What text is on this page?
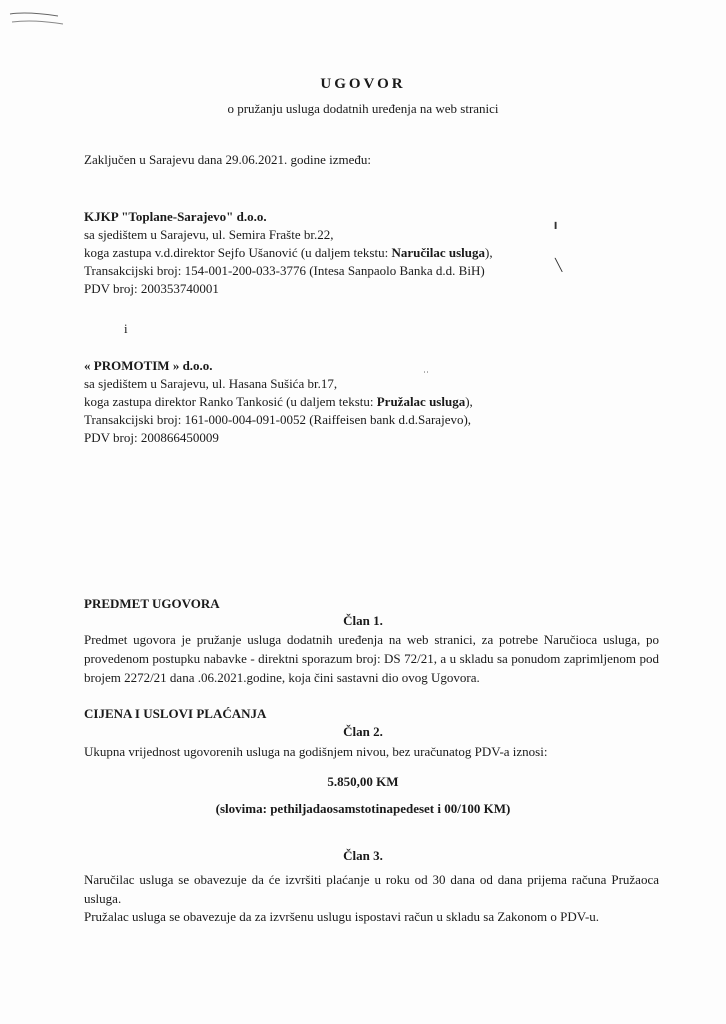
UGOVOR
o pružanju usluga dodatnih uređenja na web stranici
Zaključen u Sarajevu dana 29.06.2021. godine između:
KJKP "Toplane-Sarajevo" d.o.o.
sa sjedištem u Sarajevu, ul. Semira Frašte br.22,
koga zastupa v.d.direktor Sejfo Ušanović (u daljem tekstu: Naručilac usluga),
Transakcijski broj: 154-001-200-033-3776 (Intesa Sanpaolo Banka d.d. BiH)
PDV broj: 200353740001
i
« PROMOTIM » d.o.o.
sa sjedištem u Sarajevu, ul. Hasana Sušića br.17,
koga zastupa direktor Ranko Tankosić (u daljem tekstu: Pružalac usluga),
Transakcijski broj: 161-000-004-091-0052 (Raiffeisen bank d.d.Sarajevo),
PDV broj: 200866450009
PREDMET UGOVORA
Član 1.
Predmet ugovora je pružanje usluga dodatnih uređenja na web stranici, za potrebe Naručioca usluga, po provedenom postupku nabavke - direktni sporazum broj: DS 72/21, a u skladu sa ponudom zaprimljenom pod brojem 2272/21 dana .06.2021.godine, koja čini sastavni dio ovog Ugovora.
CIJENA I USLOVI PLAĆANJA
Član 2.
Ukupna vrijednost ugovorenih usluga na godišnjem nivou, bez uračunatog PDV-a iznosi:
5.850,00 KM
(slovima: pethiljadaosamstotinapedeset i 00/100 KM)
Član 3.
Naručilac usluga se obavezuje da će izvršiti plaćanje u roku od 30 dana od dana prijema računa Pružaoca usluga.
Pružalac usluga se obavezuje da za izvršenu uslugu ispostavi račun u skladu sa Zakonom o PDV-u.
╹
╲
˙˙
